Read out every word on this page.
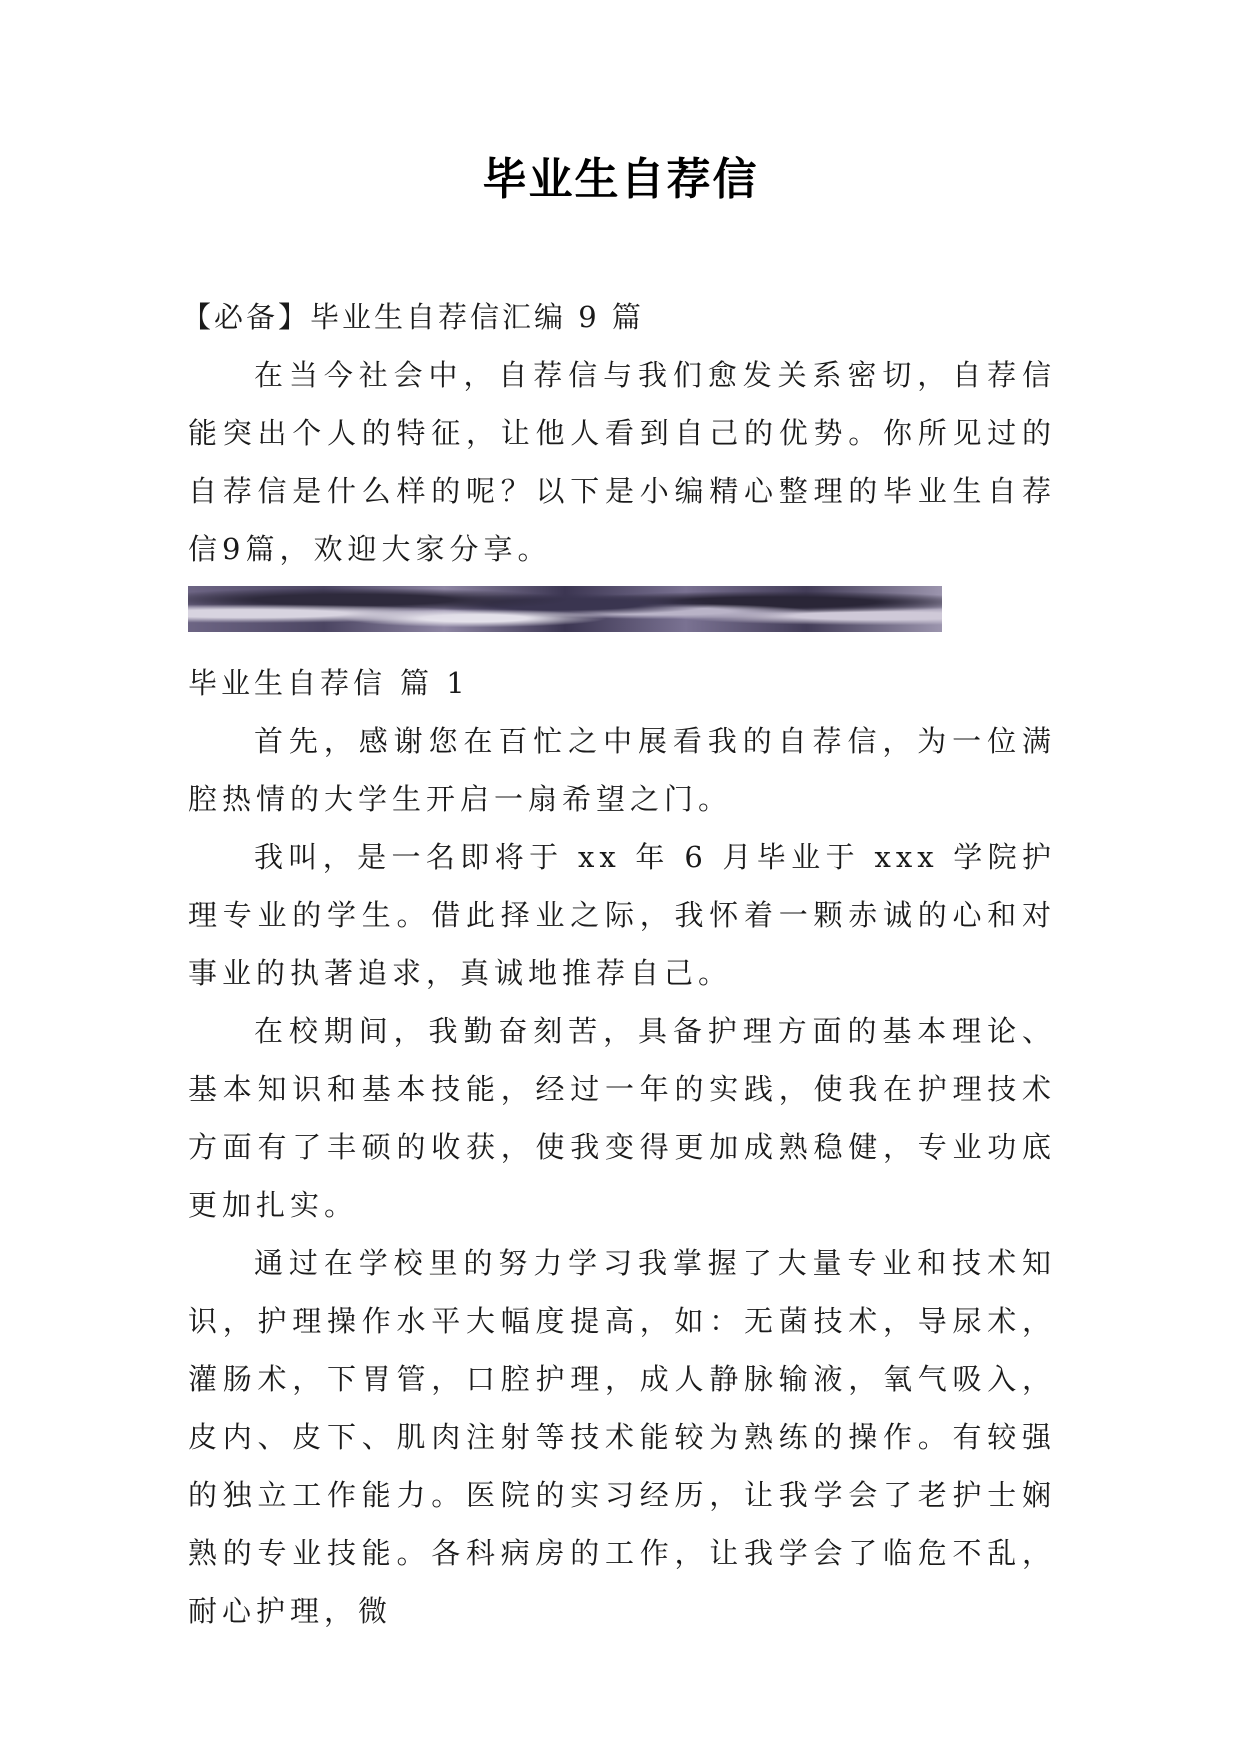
毕业生自荐信

【必备】毕业生自荐信汇编 9 篇

在当今社会中，自荐信与我们愈发关系密切，自荐信能突出个人的特征，让他人看到自己的优势。你所见过的自荐信是什么样的呢？以下是小编精心整理的毕业生自荐信9篇，欢迎大家分享。

毕业生自荐信 篇 1

首先，感谢您在百忙之中展看我的自荐信，为一位满腔热情的大学生开启一扇希望之门。

我叫，是一名即将于 xx 年 6 月毕业于 xxx 学院护理专业的学生。借此择业之际，我怀着一颗赤诚的心和对事业的执著追求，真诚地推荐自己。

在校期间，我勤奋刻苦，具备护理方面的基本理论、基本知识和基本技能，经过一年的实践，使我在护理技术方面有了丰硕的收获，使我变得更加成熟稳健，专业功底更加扎实。

通过在学校里的努力学习我掌握了大量专业和技术知识，护理操作水平大幅度提高，如：无菌技术，导尿术，灌肠术，下胃管，口腔护理，成人静脉输液，氧气吸入，皮内、皮下、肌肉注射等技术能较为熟练的操作。有较强的独立工作能力。医院的实习经历，让我学会了老护士娴熟的专业技能。各科病房的工作，让我学会了临危不乱，耐心护理，微
